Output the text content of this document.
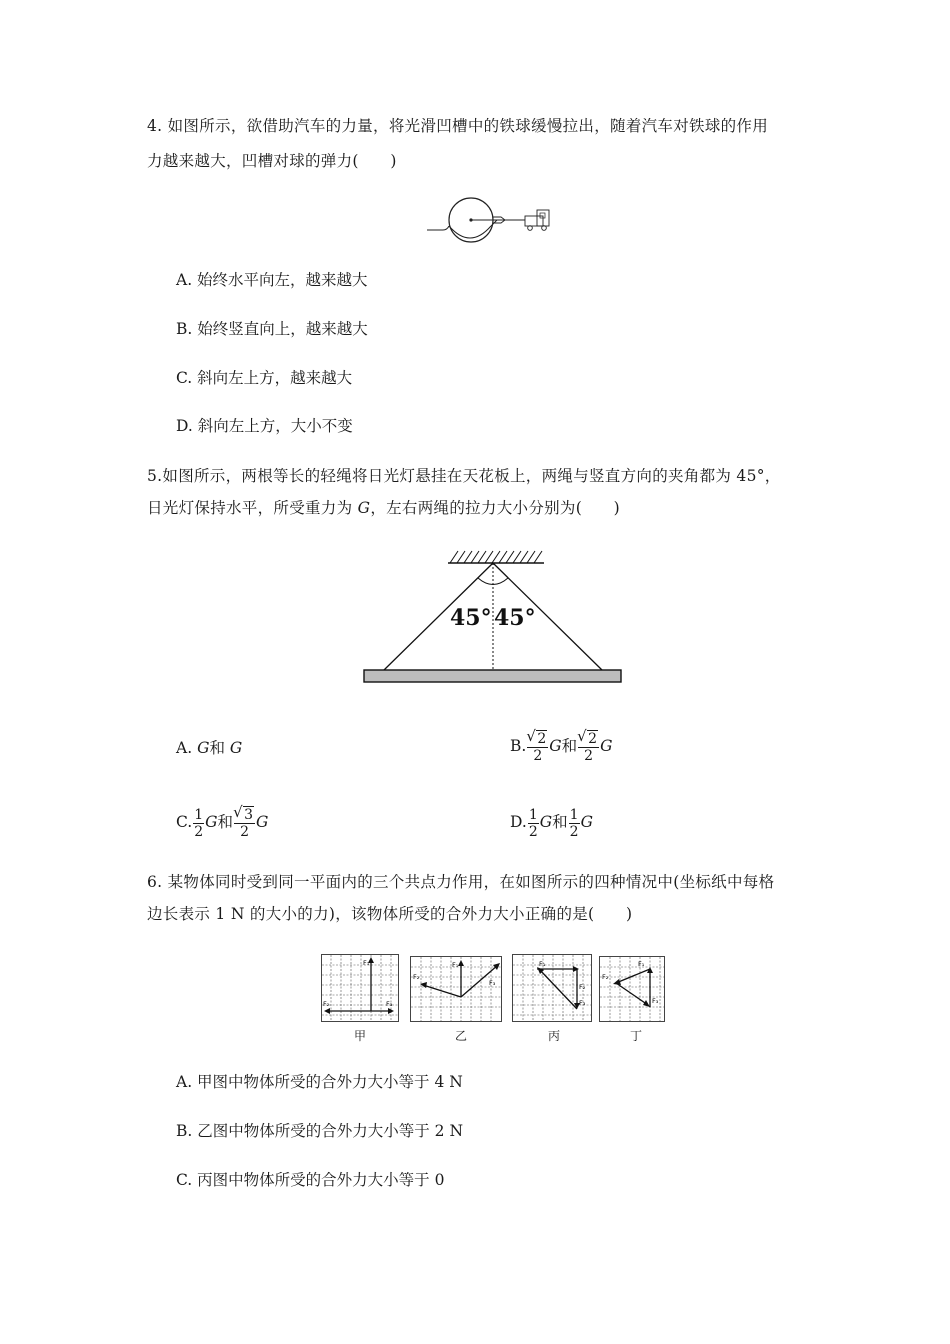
4. 如图所示，欲借助汽车的力量，将光滑凹槽中的铁球缓慢拉出，随着汽车对铁球的作用
力越来越大，凹槽对球的弹力(　　)
A. 始终水平向左，越来越大
B. 始终竖直向上，越来越大
C. 斜向左上方，越来越大
D. 斜向左上方，大小不变
5.如图所示，两根等长的轻绳将日光灯悬挂在天花板上，两绳与竖直方向的夹角都为 45°，
日光灯保持水平，所受重力为 G，左右两绳的拉力大小分别为(　　)
45° 45°
A. G和 G	B. √ $\frac{2}{2}$ G和 √ $\frac{2}{2}$ G
C. $\frac{1}{2}$ G和 √ $\frac{3}{2}$ G	D. $\frac{1}{2}$ G和 $\frac{1}{2}$ G
6. 某物体同时受到同一平面内的三个共点力作用，在如图所示的四种情况中(坐标纸中每格
边长表示 1 N 的大小的力)，该物体所受的合外力大小正确的是(　　)
F₁
F₂	F₃
甲
F₁
F₂
F₃
乙
F₁
F₂
F₃
丙
F₁
F₂
F₃
丁
A. 甲图中物体所受的合外力大小等于 4 N
B. 乙图中物体所受的合外力大小等于 2 N
C. 丙图中物体所受的合外力大小等于 0
